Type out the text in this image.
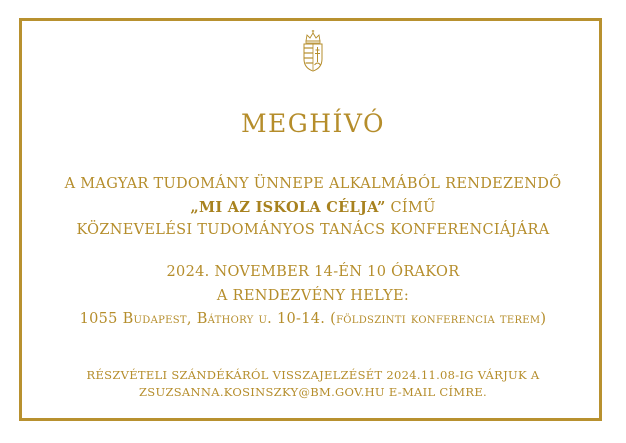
MEGHÍVÓ
A MAGYAR TUDOMÁNY ÜNNEPE ALKALMÁBÓL RENDEZENDŐ
„MI AZ ISKOLA CÉLJA” CÍMŰ
KÖZNEVELÉSI TUDOMÁNYOS TANÁCS KONFERENCIÁJÁRA
2024. NOVEMBER 14-ÉN 10 ÓRAKOR
A RENDEZVÉNY HELYE:
1055 Budapest, Báthory u. 10-14. (földszinti konferencia terem)
RÉSZVÉTELI SZÁNDÉKÁRÓL VISSZAJELZÉSÉT 2024.11.08-IG VÁRJUK A
ZSUZSANNA.KOSINSZKY@BM.GOV.HU E-MAIL CÍMRE.
